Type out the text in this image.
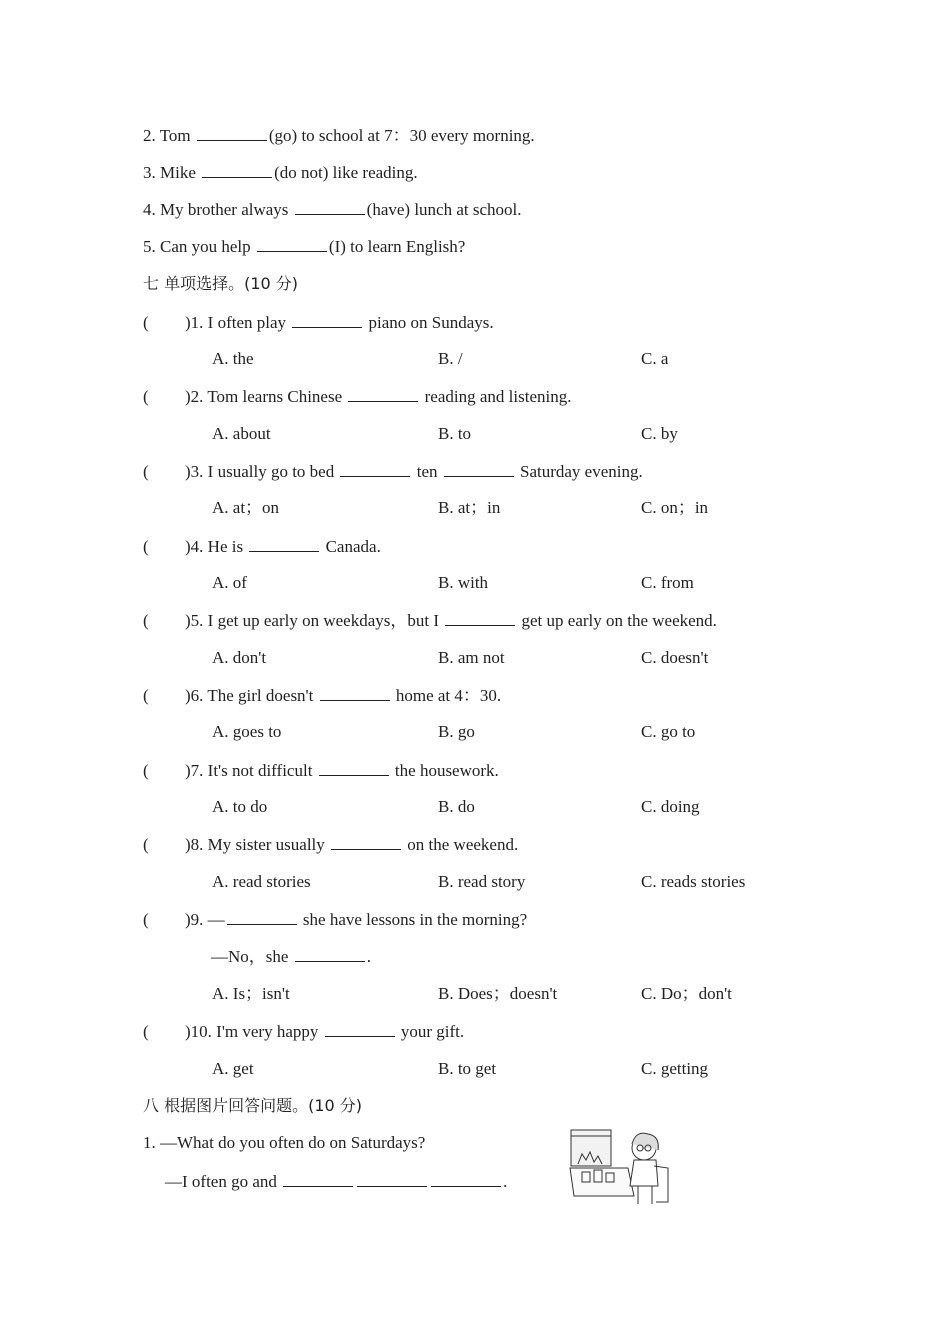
2. Tom	(go) to school at 7：30 every morning.
3. Mike	(do not) like reading.
4. My brother always	(have) lunch at school.
5. Can you help	(I) to learn English?
七 单项选择。(10 分)
( )1. I often play	piano on Sundays.
A. the	B. /	C. a
( )2. Tom learns Chinese	reading and listening.
A. about	B. to	C. by
( )3. I usually go to bed	ten	Saturday evening.
A. at；on	B. at；in	C. on；in
( )4. He is	Canada.
A. of	B. with	C. from
( )5. I get up early on weekdays，but I	get up early on the weekend.
A. don't	B. am not	C. doesn't
( )6. The girl doesn't	home at 4：30.
A. goes to	B. go	C. go to
( )7. It's not difficult	the housework.
A. to do	B. do	C. doing
( )8. My sister usually	on the weekend.
A. read stories	B. read story	C. reads stories
( )9. —	she have lessons in the morning?
—No，she	.
A. Is；isn't	B. Does；doesn't	C. Do；don't
( )10. I'm very happy	your gift.
A. get	B. to get	C. getting
八 根据图片回答问题。(10 分)
1. —What do you often do on Saturdays?
—I often go and	.
